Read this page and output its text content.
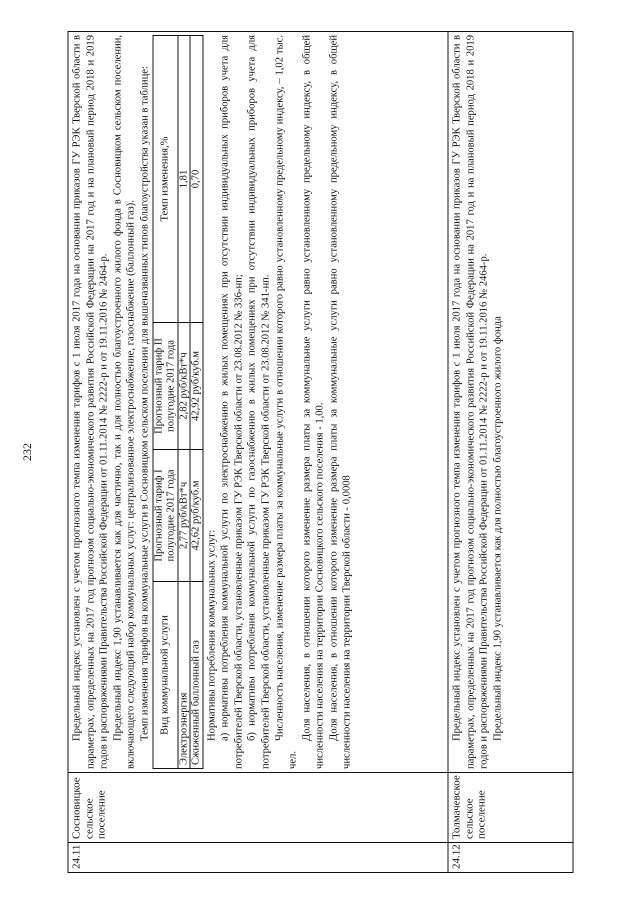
232
24.11	Сосновицкое сельское поселение	

Предельный индекс установлен с учетом прогнозного темпа изменения тарифов с 1 июля 2017 года на основании приказов ГУ РЭК Тверской области в параметрах, определенных на 2017 год прогнозом социально-экономического развития Российской Федерации на 2017 год и на плановый период 2018 и 2019 годов и распоряжениями Правительства Российской Федерации от 01.11.2014 № 2222-р и от 19.11.2016 № 2464-р. Предельный индекс 1,90 устанавливается как для частично, так и для полностью благоустроенного жилого фонда в Сосновицком сельском поселении, включающего следующий набор коммунальных услуг: централизованное электроснабжение, газоснабжение (баллонный газ). Темп изменения тарифов на коммунальные услуги в Сосновицком сельском поселении для вышеназванных типов благоустройства указан в таблице: Вид коммунальной услуги	Прогнозный тариф I полугодие 2017 года	Прогнозный тариф II полугодие 2017 года	Темп изменения,%
Электроэнергия	2,77 руб/кВт*ч	2,82 руб/кВт*ч	1,81
Сжиженный баллонный газ	42,62 руб/куб.м	42,92 руб/куб.м	0,70

Нормативы потребления коммунальных услуг: а) нормативы потребления коммунальной услуги по электроснабжению в жилых помещениях при отсутствии индивидуальных приборов учета для потребителей Тверской области, установленные приказом ГУ РЭК Тверской области от 23.08.2012 № 336-нп; б) нормативы потребления коммунальной услуги по газоснабжению в жилых помещениях при отсутствии индивидуальных приборов учета для потребителей Тверской области, установленные приказом ГУ РЭК Тверской области от 23.08.2012 № 341-нп. Численность населения, изменение размера платы за коммунальные услуги в отношении которого равно установленному предельному индексу, – 1,02 тыс. чел.

Доля населения, в отношении которого изменение размера платы за коммунальные услуги равно установленному предельному индексу, в общей численности населения на территории Сосновицкого сельского поселения - 1,00. Доля населения, в отношении которого изменение размера платы за коммунальные услуги равно установленному предельному индексу, в общей численности населения на территории Тверской области - 0,0008

24.12	Толмачевское сельское поселение	

Предельный индекс установлен с учетом прогнозного темпа изменения тарифов с 1 июля 2017 года на основании приказов ГУ РЭК Тверской области в параметрах, определенных на 2017 год прогнозом социально-экономического развития Российской Федерации на 2017 год и на плановый период 2018 и 2019 годов и распоряжениями Правительства Российской Федерации от 01.11.2014 № 2222-р и от 19.11.2016 № 2464-р. Предельный индекс 1,90 устанавливается как для полностью благоустроенного жилого фонда
